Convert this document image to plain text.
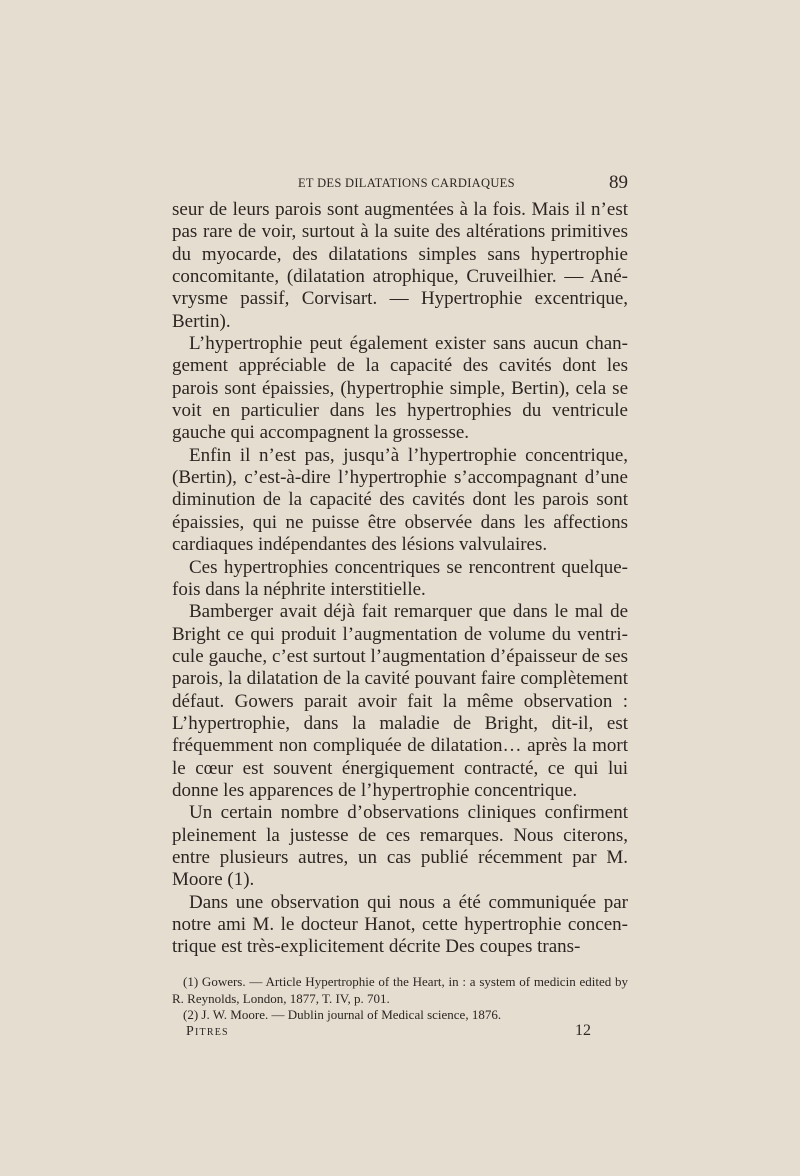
ET DES DILATATIONS CARDIAQUES	89

seur de leurs parois sont augmentées à la fois. Mais il n’est pas rare de voir, surtout à la suite des altérations primitives du myocarde, des dilatations simples sans hypertrophie concomitante, (dilatation atrophique, Cruveilhier. — Anévrysme passif, Corvisart. — Hypertrophie excentrique, Bertin).

L’hypertrophie peut également exister sans aucun changement appréciable de la capacité des cavités dont les parois sont épaissies, (hypertrophie simple, Bertin), cela se voit en particulier dans les hypertrophies du ventricule gauche qui accompagnent la grossesse.

Enfin il n’est pas, jusqu’à l’hypertrophie concentrique, (Bertin), c’est-à-dire l’hypertrophie s’accompagnant d’une diminution de la capacité des cavités dont les parois sont épaissies, qui ne puisse être observée dans les affections cardiaques indépendantes des lésions valvulaires.

Ces hypertrophies concentriques se rencontrent quelquefois dans la néphrite interstitielle.

Bamberger avait déjà fait remarquer que dans le mal de Bright ce qui produit l’augmentation de volume du ventricule gauche, c’est surtout l’augmentation d’épaisseur de ses parois, la dilatation de la cavité pouvant faire complètement défaut. Gowers parait avoir fait la même observation : L’hypertrophie, dans la maladie de Bright, dit-il, est fréquemment non compliquée de dilatation… après la mort le cœur est souvent énergiquement contracté, ce qui lui donne les apparences de l’hypertrophie concentrique.

Un certain nombre d’observations cliniques confirment pleinement la justesse de ces remarques. Nous citerons, entre plusieurs autres, un cas publié récemment par M. Moore (1).

Dans une observation qui nous a été communiquée par notre ami M. le docteur Hanot, cette hypertrophie concentrique est très-explicitement décrite Des coupes trans-

(1) Gowers. — Article Hypertrophie of the Heart, in : a system of medicin edited by R. Reynolds, London, 1877, T. IV, p. 701.

(2) J. W. Moore. — Dublin journal of Medical science, 1876.

Pitres	12
